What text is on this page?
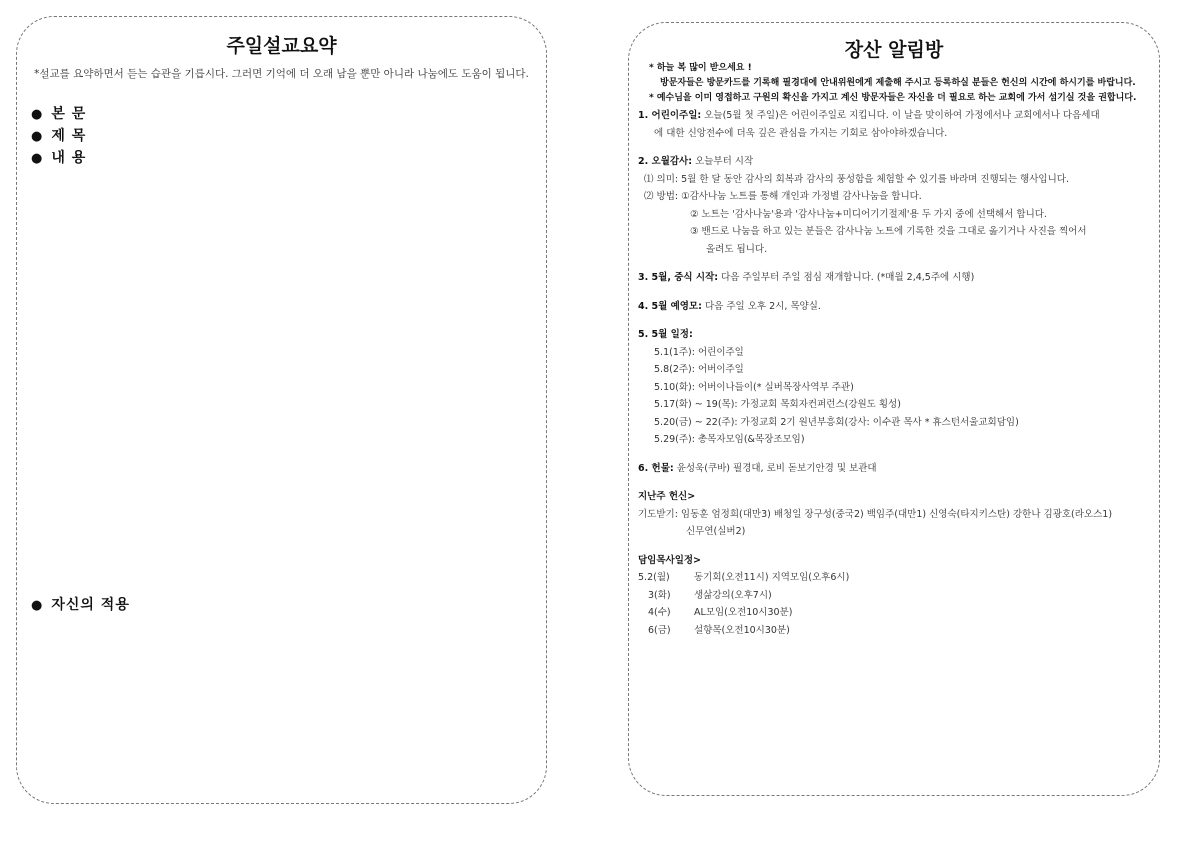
주일설교요약
*설교를 요약하면서 듣는 습관을 기릅시다. 그러면 기억에 더 오래 남을 뿐만 아니라 나눔에도 도움이 됩니다.
● 본 문
● 제 목
● 내 용
● 자신의 적용
장산 알림방
* 하늘 복 많이 받으세요 !
방문자들은 방문카드를 기록해 필경대에 안내위원에게 제출해 주시고 등록하실 분들은 헌신의 시간에 하시기를 바랍니다.
* 예수님을 이미 영접하고 구원의 확신을 가지고 계신 방문자들은 자신을 더 필요로 하는 교회에 가서 섬기실 것을 권합니다.
1. 어린이주일: 오늘(5월 첫 주일)은 어린이주일로 지킵니다. 이 날을 맞이하여 가정에서나 교회에서나 다음세대
에 대한 신앙전수에 더욱 깊은 관심을 가지는 기회로 삼아야하겠습니다.
2. 오월감사: 오늘부터 시작
⑴ 의미: 5월 한 달 동안 감사의 회복과 감사의 풍성함을 체험할 수 있기를 바라며 진행되는 행사입니다.
⑵ 방법: ①감사나눔 노트를 통해 개인과 가정별 감사나눔을 합니다.
② 노트는 '감사나눔'용과 '감사나눔+미디어기기절제'용 두 가지 중에 선택해서 합니다.
③ 밴드로 나눔을 하고 있는 분들은 감사나눔 노트에 기록한 것을 그대로 옮기거나 사진을 찍어서
올려도 됩니다.
3. 5월, 중식 시작: 다음 주일부터 주일 점심 재개합니다. (*매월 2,4,5주에 시행)
4. 5월 예영모: 다음 주일 오후 2시, 목양실.
5. 5월 일정:
5.1(1주): 어린이주일
5.8(2주): 어버이주일
5.10(화): 어버이나들이(* 실버목장사역부 주관)
5.17(화) ~ 19(목): 가정교회 목회자컨퍼런스(강원도 횡성)
5.20(금) ~ 22(주): 가정교회 2기 원년부흥회(강사: 이수관 목사 * 휴스턴서울교회담임)
5.29(주): 총목자모임(&목장조모임)
6. 헌물: 윤성욱(쿠바) 필경대, 로비 돋보기안경 및 보관대
지난주 헌신>
기도받기: 임동훈 엄정희(대만3) 배청일 장구성(중국2) 백임주(대만1) 신영숙(타지키스탄) 강한나 김광호(라오스1)
신무연(실버2)
담임목사일정>
5.2(월)	동기회(오전11시) 지역모임(오후6시)
3(화)	생삶강의(오후7시)
4(수)	AL모임(오전10시30분)
6(금)	설향목(오전10시30분)
